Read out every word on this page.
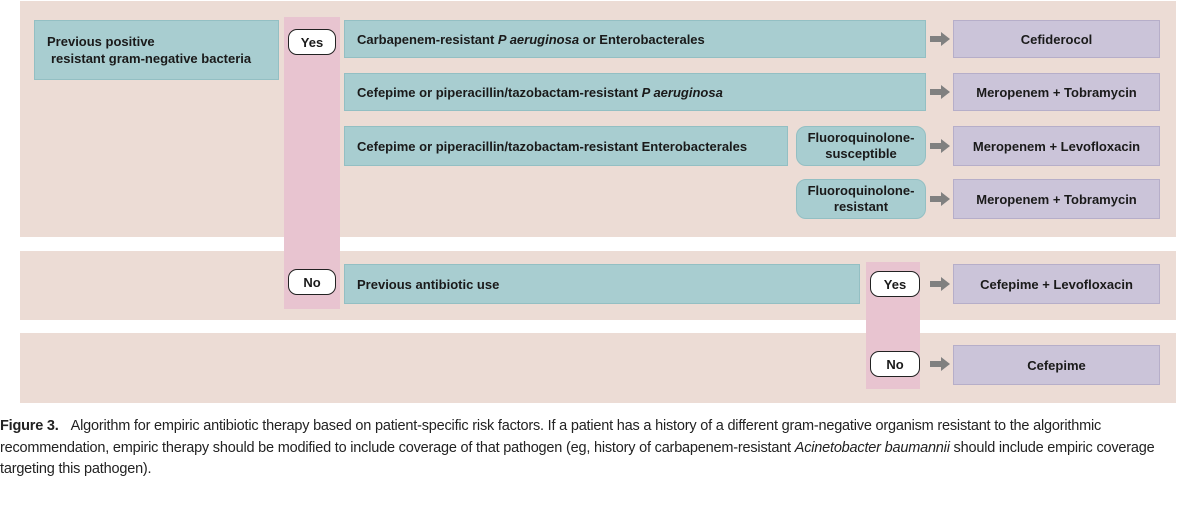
Previous positive
resistant gram-negative bacteria
Yes
No	Yes
No
Carbapenem-resistant P aeruginosa or Enterobacterales
Cefepime or piperacillin/tazobactam-resistant P aeruginosa
Cefepime or piperacillin/tazobactam-resistant Enterobacterales
Fluoroquinolone-
susceptible
Fluoroquinolone-
resistant
Previous antibiotic use
Cefiderocol
Meropenem + Tobramycin
Meropenem + Levofloxacin
Meropenem + Tobramycin
Cefepime + Levofloxacin
Cefepime
Figure 3. Algorithm for empiric antibiotic therapy based on patient-specific risk factors. If a patient has a history of a different gram-negative organism resistant to the algorithmic recommendation, empiric therapy should be modified to include coverage of that pathogen (eg, history of carbapenem-resistant Acinetobacter baumannii should include empiric coverage targeting this pathogen).
